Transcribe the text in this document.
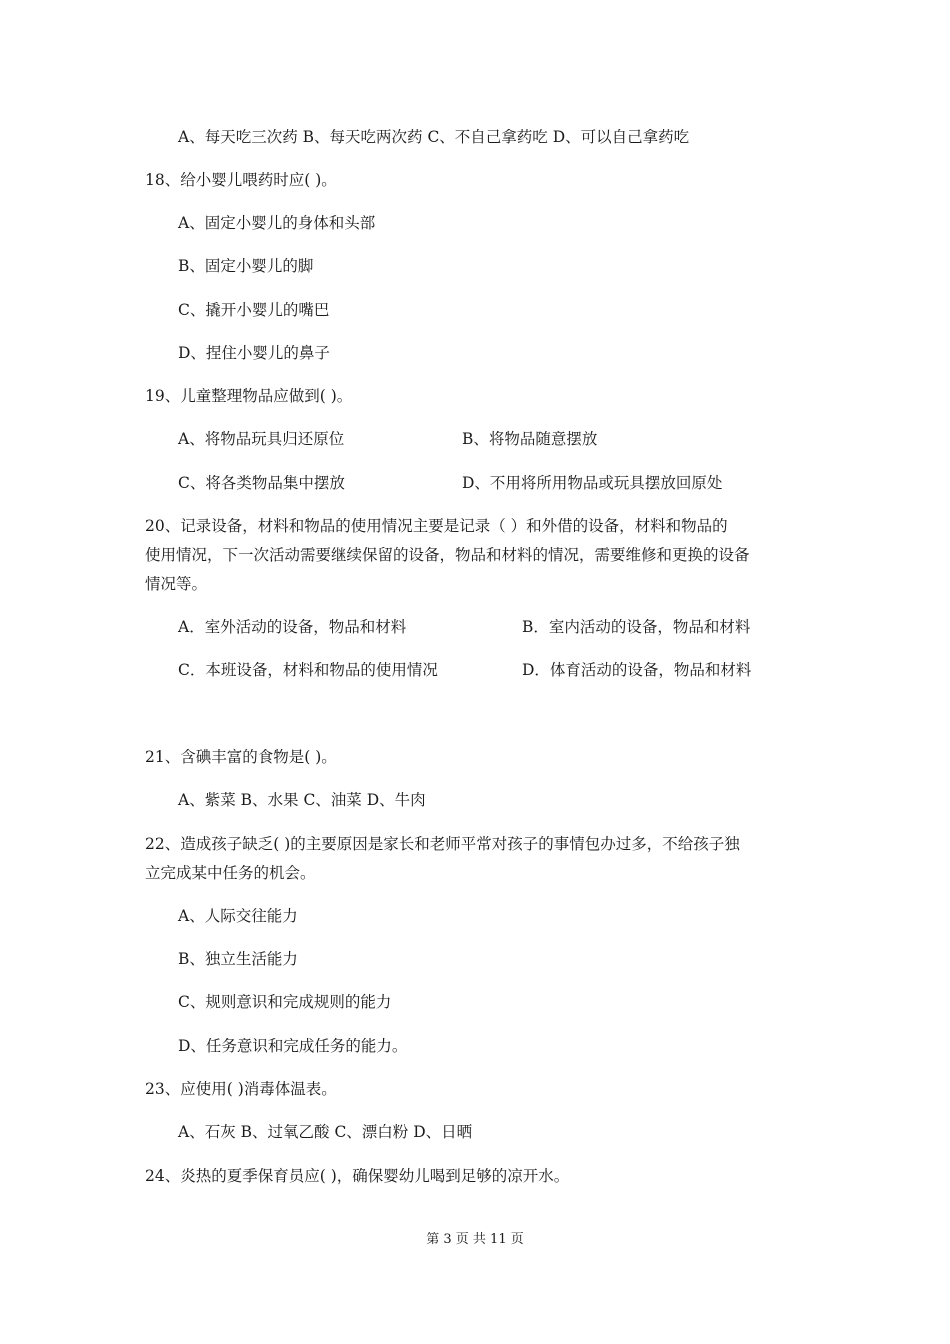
A、每天吃三次药 B、每天吃两次药 C、不自己拿药吃 D、可以自己拿药吃
18、给小婴儿喂药时应( )。
A、固定小婴儿的身体和头部
B、固定小婴儿的脚
C、撬开小婴儿的嘴巴
D、捏住小婴儿的鼻子
19、儿童整理物品应做到( )。
A、将物品玩具归还原位	B、将物品随意摆放
C、将各类物品集中摆放	D、不用将所用物品或玩具摆放回原处
20、记录设备，材料和物品的使用情况主要是记录（ ）和外借的设备，材料和物品的
使用情况，下一次活动需要继续保留的设备，物品和材料的情况，需要维修和更换的设备
情况等。
A．室外活动的设备，物品和材料	B．室内活动的设备，物品和材料
C．本班设备，材料和物品的使用情况	D．体育活动的设备，物品和材料
21、含碘丰富的食物是( )。
A、紫菜 B、水果 C、油菜 D、牛肉
22、造成孩子缺乏( )的主要原因是家长和老师平常对孩子的事情包办过多，不给孩子独
立完成某中任务的机会。
A、人际交往能力
B、独立生活能力
C、规则意识和完成规则的能力
D、任务意识和完成任务的能力。
23、应使用( )消毒体温表。
A、石灰 B、过氧乙酸 C、漂白粉 D、日晒
24、炎热的夏季保育员应( )，确保婴幼儿喝到足够的凉开水。
第 3 页 共 11 页
